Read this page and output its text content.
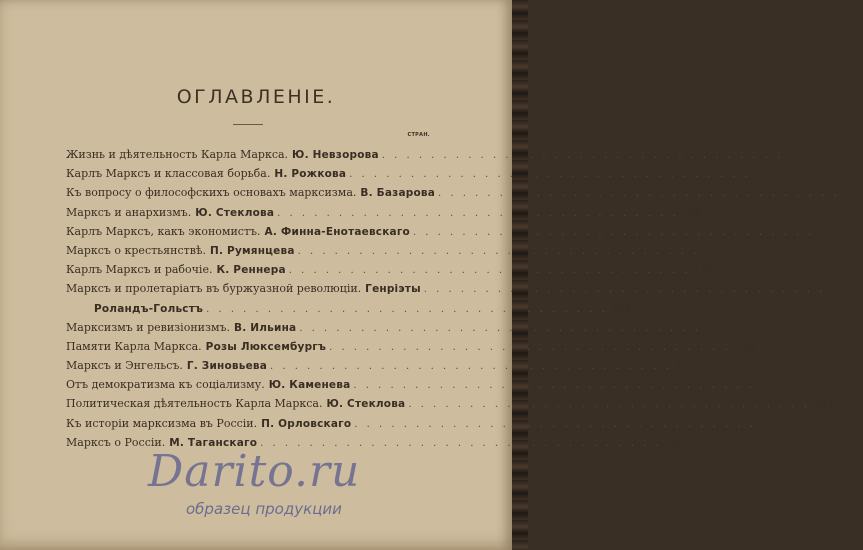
ОГЛАВЛЕНІЕ.
СТРАН.
Жизнь и дѣятельность Карла Маркса. Ю. Невзорова . . .	1
Карлъ Марксъ и классовая борьба. Н. Рожкова . . .	30
Къ вопросу о философскихъ основахъ марксизма. В. Базарова . . .	50
Марксъ и анархизмъ. Ю. Стеклова . . .	80
Карлъ Марксъ, какъ экономистъ. А. Финна-Енотаевскаго . . .	126
Марксъ о крестьянствѣ. П. Румянцева . . .	152
Карлъ Марксъ и рабочіе. К. Реннера . . .	190
Марксъ и пролетаріатъ въ буржуазной революціи. Генріэты
. . .
Роландъ-Гольстъ . . .	202
Марксизмъ и ревизіонизмъ. В. Ильина . . .	210
Памяти Карла Маркса. Розы Люксембургъ . . .	218
Марксъ и Энгельсъ. Г. Зиновьева . . .	227
Отъ демократизма къ соціализму. Ю. Каменева . . .	252
Политическая дѣятельность Карла Маркса. Ю. Стеклова . . .	291
Къ исторіи марксизма въ Россіи. П. Орловскаго . . .	351
Марксъ о Россіи. М. Таганскаго . . .	387
Darito.ru
образец продукции
